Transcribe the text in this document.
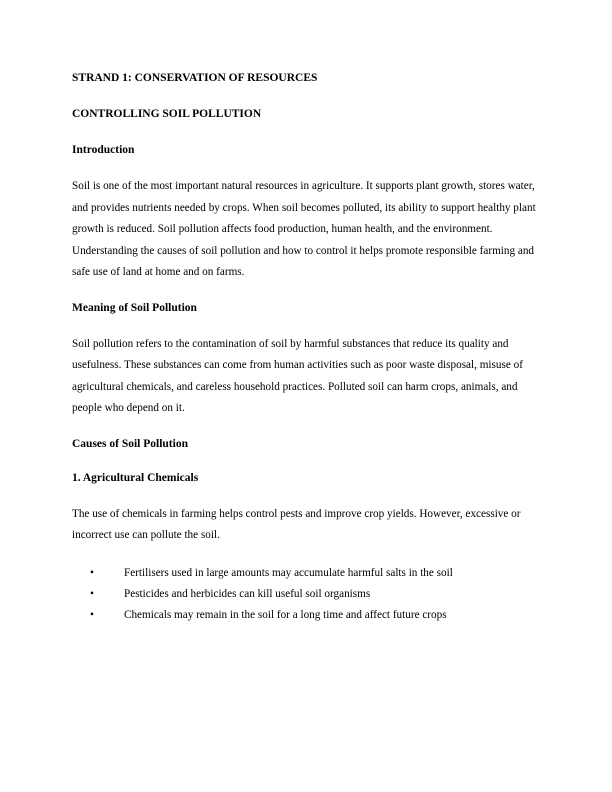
STRAND 1: CONSERVATION OF RESOURCES
CONTROLLING SOIL POLLUTION
Introduction

Soil is one of the most important natural resources in agriculture. It supports plant growth, stores water, and provides nutrients needed by crops. When soil becomes polluted, its ability to support healthy plant growth is reduced. Soil pollution affects food production, human health, and the environment. Understanding the causes of soil pollution and how to control it helps promote responsible farming and safe use of land at home and on farms.

Meaning of Soil Pollution

Soil pollution refers to the contamination of soil by harmful substances that reduce its quality and usefulness. These substances can come from human activities such as poor waste disposal, misuse of agricultural chemicals, and careless household practices. Polluted soil can harm crops, animals, and people who depend on it.

Causes of Soil Pollution
1. Agricultural Chemicals

The use of chemicals in farming helps control pests and improve crop yields. However, excessive or incorrect use can pollute the soil.

•	Fertilisers used in large amounts may accumulate harmful salts in the soil
•	Pesticides and herbicides can kill useful soil organisms
•	Chemicals may remain in the soil for a long time and affect future crops
